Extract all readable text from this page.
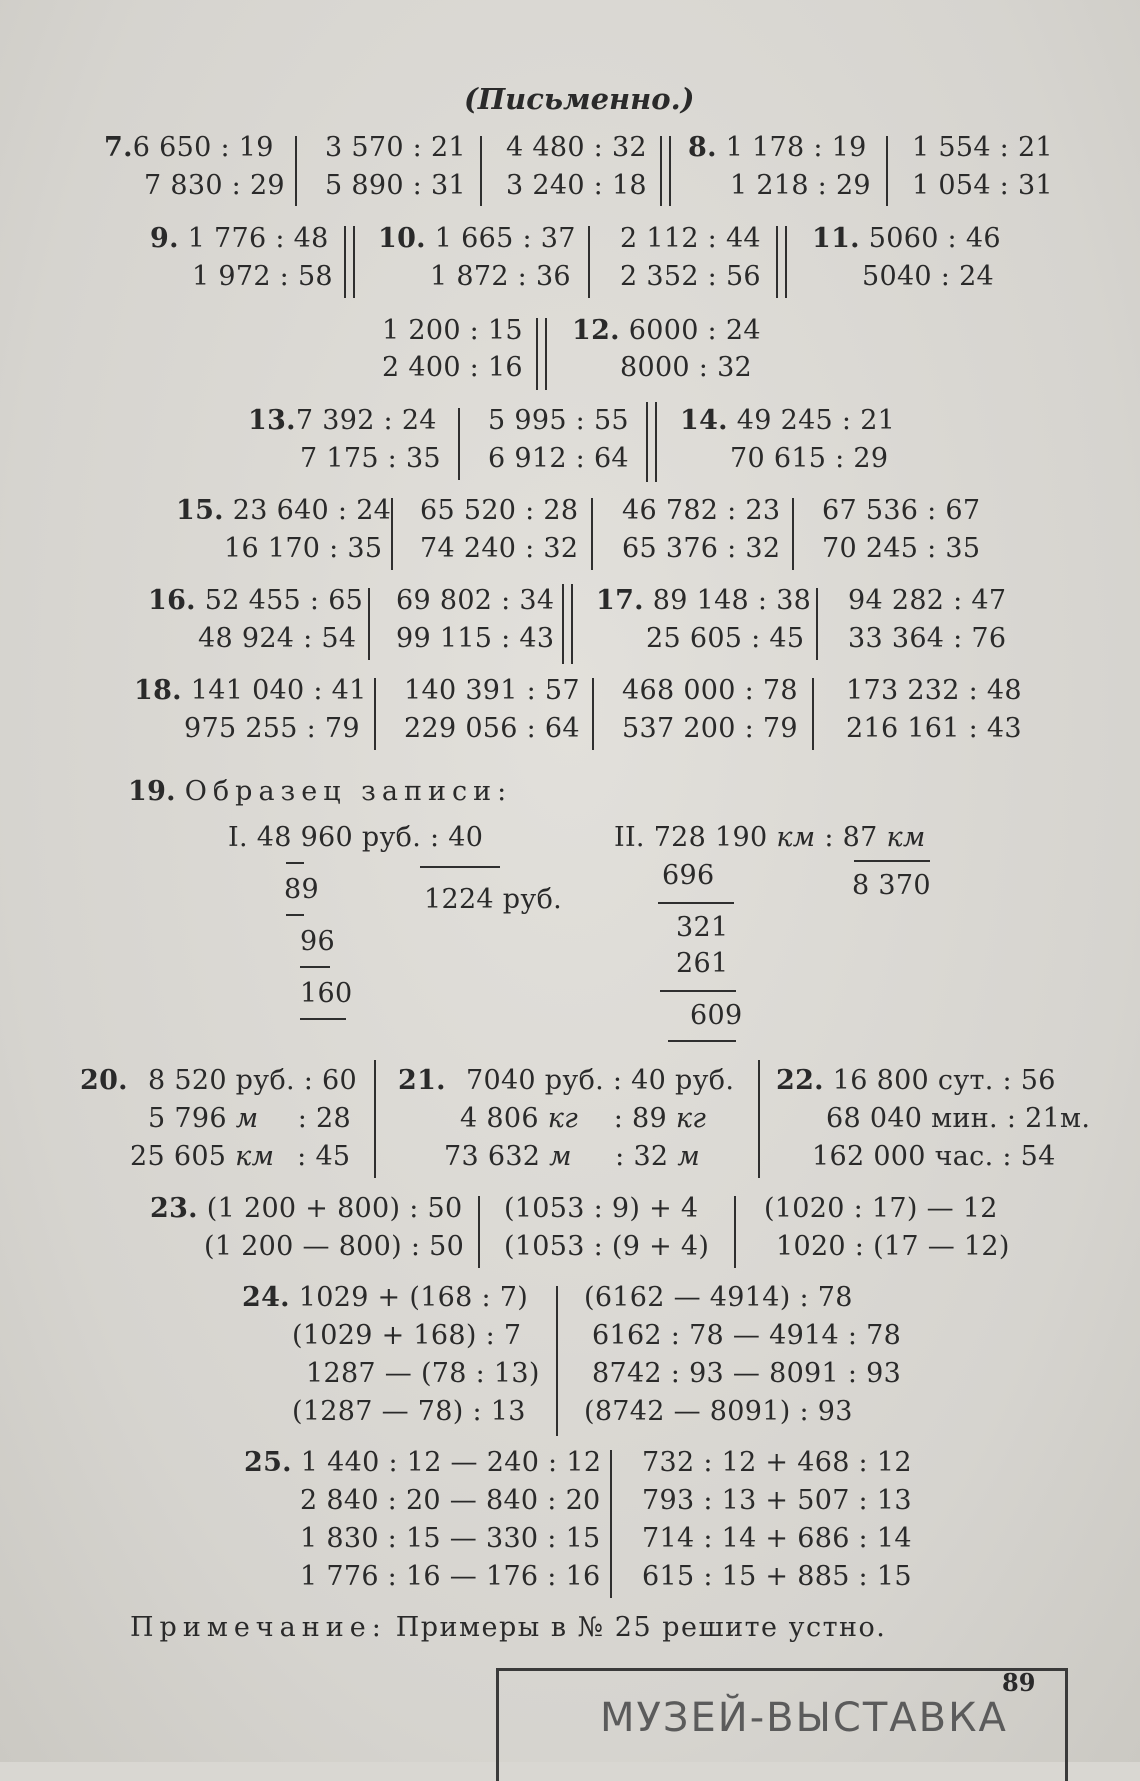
(Письменно.)
7.6 650 : 19
7 830 : 29
3 570 : 21
5 890 : 31
4 480 : 32
3 240 : 18
8. 1 178 : 19
1 218 : 29
1 554 : 21
1 054 : 31
9. 1 776 : 48
1 972 : 58
10. 1 665 : 37
1 872 : 36
2 112 : 44
2 352 : 56
11. 5060 : 46
5040 : 24
1 200 : 15
2 400 : 16
12. 6000 : 24
8000 : 32
13.7 392 : 24
7 175 : 35
5 995 : 55
6 912 : 64
14. 49 245 : 21
70 615 : 29
15. 23 640 : 24
16 170 : 35
65 520 : 28
74 240 : 32
46 782 : 23
65 376 : 32
67 536 : 67
70 245 : 35
16. 52 455 : 65
48 924 : 54
69 802 : 34
99 115 : 43
17. 89 148 : 38
25 605 : 45
94 282 : 47
33 364 : 76
18. 141 040 : 41
975 255 : 79
140 391 : 57
229 056 : 64
468 000 : 78
537 200 : 79
173 232 : 48
216 161 : 43
19. Образец записи:
I. 48 960 руб. : 40
1224 руб.
89
96
160
II. 728 190 км : 87 км
696
321
261
609
8 370
20. 8 520 руб. : 60
5 796 м : 28
25 605 км : 45
21. 7040 руб. : 40 руб.
4 806 кг : 89 кг
73 632 м : 32 м
22. 16 800 сут. : 56
68 040 мин. : 21м.
162 000 час. : 54
23. (1 200 + 800) : 50
(1 200 — 800) : 50
(1053 : 9) + 4
(1053 : (9 + 4)
(1020 : 17) — 12
1020 : (17 — 12)
24. 1029 + (168 : 7)
(1029 + 168) : 7
1287 — (78 : 13)
(1287 — 78) : 13
(6162 — 4914) : 78
6162 : 78 — 4914 : 78
8742 : 93 — 8091 : 93
(8742 — 8091) : 93
25. 1 440 : 12 — 240 : 12
2 840 : 20 — 840 : 20
1 830 : 15 — 330 : 15
1 776 : 16 — 176 : 16
732 : 12 + 468 : 12
793 : 13 + 507 : 13
714 : 14 + 686 : 14
615 : 15 + 885 : 15
Примечание: Примеры в № 25 решите устно.
89
МУЗЕЙ-ВЫСТАВКА
